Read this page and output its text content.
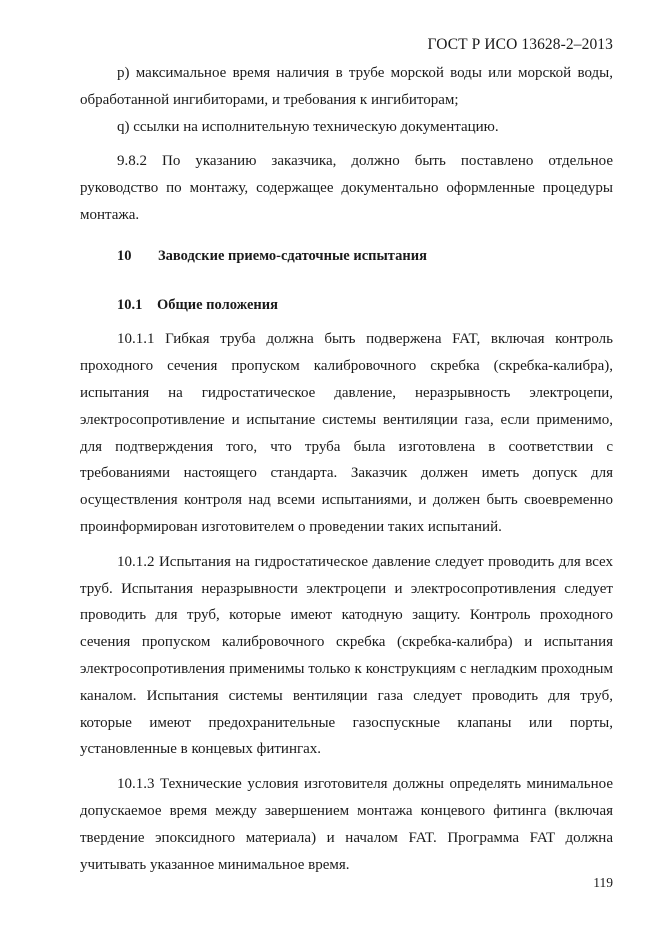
ГОСТ Р ИСО 13628-2–2013

p) максимальное время наличия в трубе морской воды или морской воды, обработанной ингибиторами, и требования к ингибиторам;

q) ссылки на исполнительную техническую документацию.

9.8.2 По указанию заказчика, должно быть поставлено отдельное руководство по монтажу, содержащее документально оформленные процедуры монтажа.

10 Заводские приемо-сдаточные испытания

10.1 Общие положения

10.1.1 Гибкая труба должна быть подвержена FAT, включая контроль проходного сечения пропуском калибровочного скребка (скребка-калибра), испытания на гидростатическое давление, неразрывность электроцепи, электросопротивление и испытание системы вентиляции газа, если применимо, для подтверждения того, что труба была изготовлена в соответствии с требованиями настоящего стандарта. Заказчик должен иметь допуск для осуществления контроля над всеми испытаниями, и должен быть своевременно проинформирован изготовителем о проведении таких испытаний.

10.1.2 Испытания на гидростатическое давление следует проводить для всех труб. Испытания неразрывности электроцепи и электросопротивления следует проводить для труб, которые имеют катодную защиту. Контроль проходного сечения пропуском калибровочного скребка (скребка-калибра) и испытания электросопротивления применимы только к конструкциям с негладким проходным каналом. Испытания системы вентиляции газа следует проводить для труб, которые имеют предохранительные газоспускные клапаны или порты, установленные в концевых фитингах.

10.1.3 Технические условия изготовителя должны определять минимальное допускаемое время между завершением монтажа концевого фитинга (включая твердение эпоксидного материала) и началом FAT. Программа FAT должна учитывать указанное минимальное время.

119
